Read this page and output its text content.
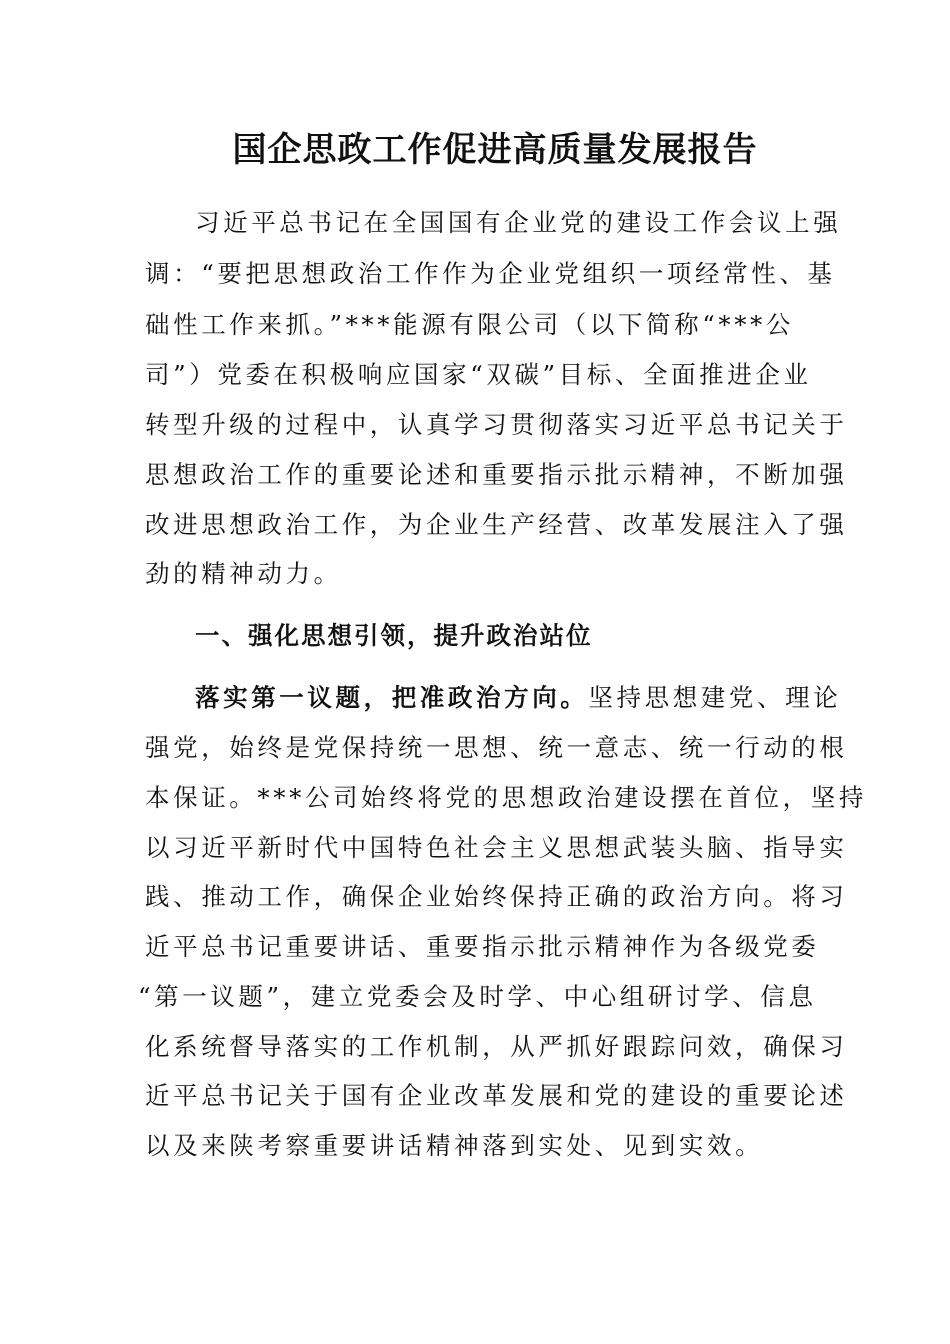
国企思政工作促进高质量发展报告

习近平总书记在全国国有企业党的建设工作会议上强

调：“要把思想政治工作作为企业党组织一项经常性、基

础性工作来抓。”***能源有限公司（以下简称“***公

司”）党委在积极响应国家“双碳”目标、全面推进企业

转型升级的过程中，认真学习贯彻落实习近平总书记关于

思想政治工作的重要论述和重要指示批示精神，不断加强

改进思想政治工作，为企业生产经营、改革发展注入了强

劲的精神动力。

一、强化思想引领，提升政治站位

落实第一议题，把准政治方向。坚持思想建党、理论

强党，始终是党保持统一思想、统一意志、统一行动的根

本保证。***公司始终将党的思想政治建设摆在首位，坚持

以习近平新时代中国特色社会主义思想武装头脑、指导实

践、推动工作，确保企业始终保持正确的政治方向。将习

近平总书记重要讲话、重要指示批示精神作为各级党委

“第一议题”，建立党委会及时学、中心组研讨学、信息

化系统督导落实的工作机制，从严抓好跟踪问效，确保习

近平总书记关于国有企业改革发展和党的建设的重要论述

以及来陕考察重要讲话精神落到实处、见到实效。
